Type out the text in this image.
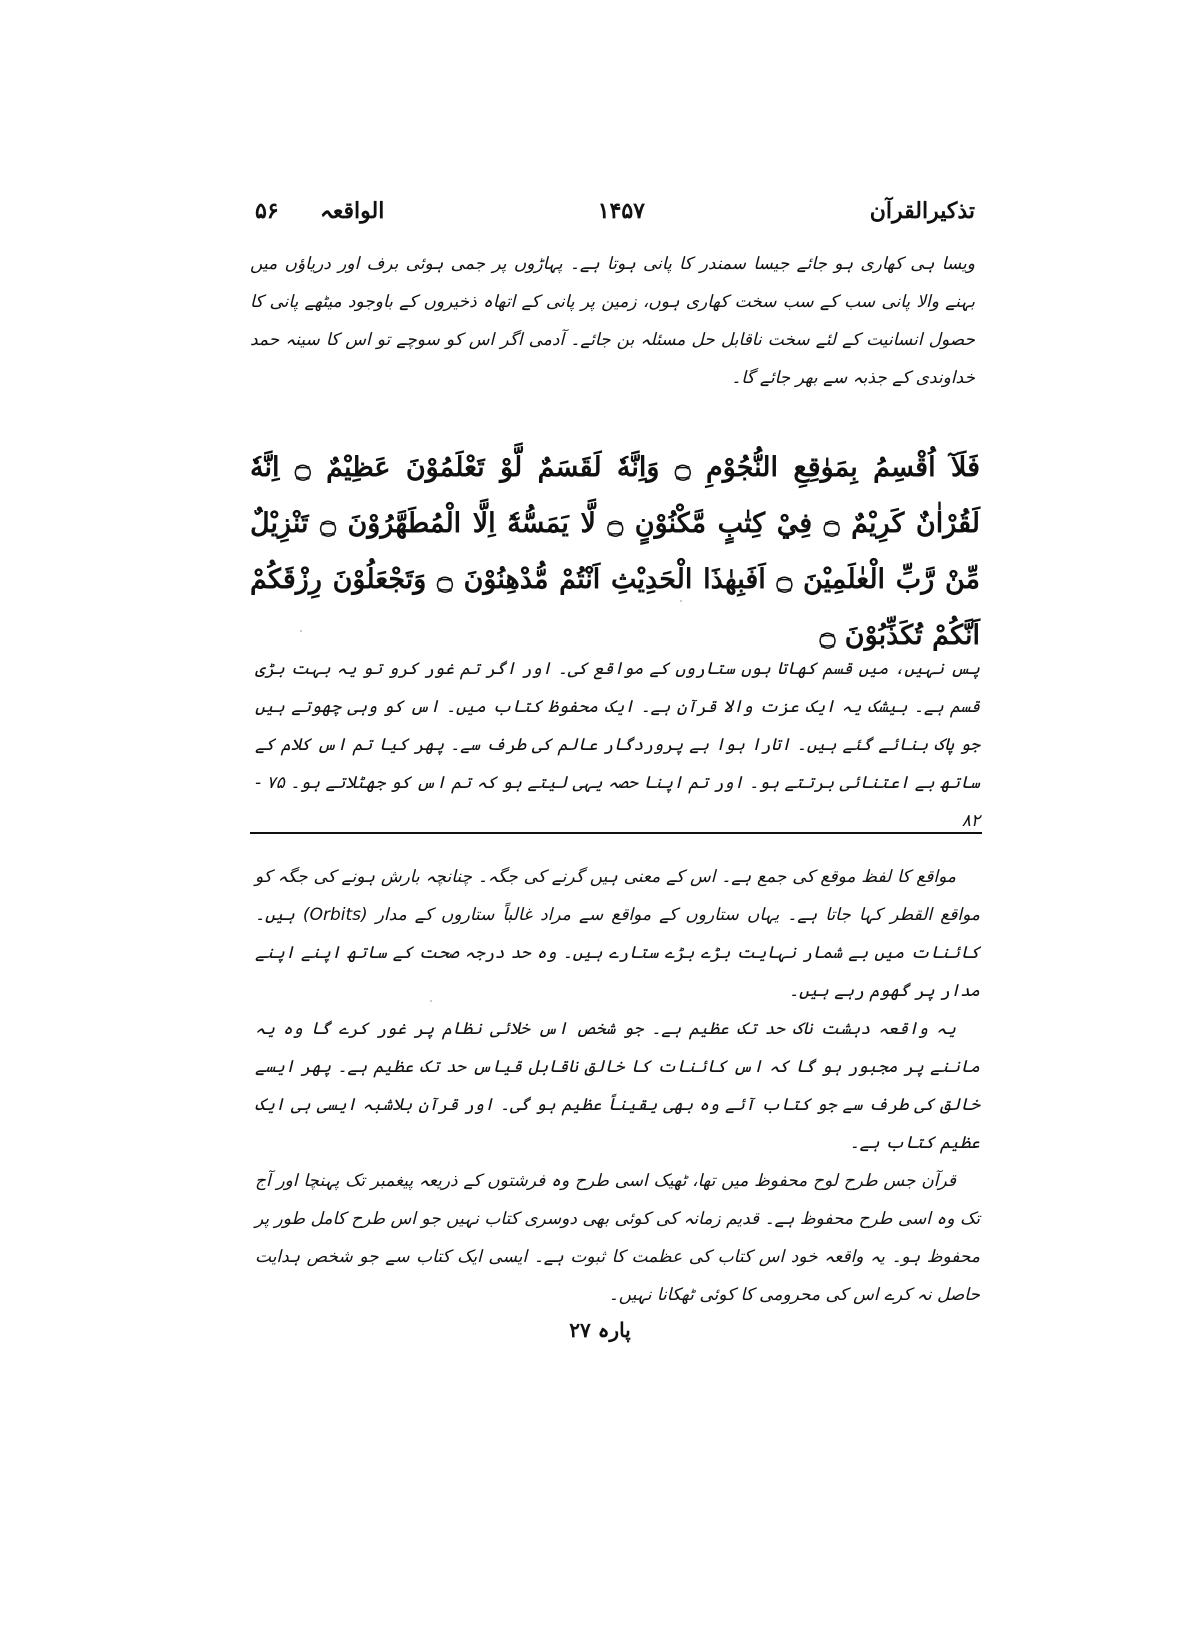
تذکیرالقرآن
۱۴۵۷
الواقعہ
۵۶

ویسا ہی کھاری ہو جائے جیسا سمندر کا پانی ہوتا ہے۔ پہاڑوں پر جمی ہوئی برف اور دریاؤں میں بہنے والا پانی سب کے سب سخت کھاری ہوں، زمین پر پانی کے اتھاہ ذخیروں کے باوجود میٹھے پانی کا حصول انسانیت کے لئے سخت ناقابل حل مسئلہ بن جائے۔ آدمی اگر اس کو سوچے تو اس کا سینہ حمد خداوندی کے جذبہ سے بھر جائے گا۔

فَلَآ اُقْسِمُ بِمَوٰقِعِ النُّجُوْمِ ۝ وَاِنَّهٗ لَقَسَمٌ لَّوْ تَعْلَمُوْنَ عَظِيْمٌ ۝ اِنَّهٗ لَقُرْاٰنٌ كَرِيْمٌ ۝ فِيْ كِتٰبٍ مَّكْنُوْنٍ ۝ لَّا يَمَسُّهٗٓ اِلَّا الْمُطَهَّرُوْنَ ۝ تَنْزِيْلٌ مِّنْ رَّبِّ الْعٰلَمِيْنَ ۝ اَفَبِهٰذَا الْحَدِيْثِ اَنْتُمْ مُّدْهِنُوْنَ ۝ وَتَجْعَلُوْنَ رِزْقَكُمْ اَنَّكُمْ تُكَذِّبُوْنَ ۝

پس نہیں، میں قسم کھاتا ہوں ستاروں کے مواقع کی۔ اور اگر تم غور کرو تو یہ بہت بڑی قسم ہے۔ بیشک یہ ایک عزت والا قرآن ہے۔ ایک محفوظ کتاب میں۔ اس کو وہی چھوتے ہیں جو پاک بنائے گئے ہیں۔ اتارا ہوا ہے پروردگار عالم کی طرف سے۔ پھر کیا تم اس کلام کے ساتھ بے اعتنائی برتتے ہو۔ اور تم اپنا حصہ یہی لیتے ہو کہ تم اس کو جھٹلاتے ہو۔ ۷۵ - ۸۲

مواقع کا لفظ موقع کی جمع ہے۔ اس کے معنی ہیں گرنے کی جگہ۔ چنانچہ بارش ہونے کی جگہ کو مواقع القطر کہا جاتا ہے۔ یہاں ستاروں کے مواقع سے مراد غالباً ستاروں کے مدار (Orbits) ہیں۔ کائنات میں بے شمار نہایت بڑے بڑے ستارے ہیں۔ وہ حد درجہ صحت کے ساتھ اپنے اپنے مدار پر گھوم رہے ہیں۔

یہ واقعہ دہشت ناک حد تک عظیم ہے۔ جو شخص اس خلائی نظام پر غور کرے گا وہ یہ ماننے پر مجبور ہو گا کہ اس کائنات کا خالق ناقابل قیاس حد تک عظیم ہے۔ پھر ایسے خالق کی طرف سے جو کتاب آئے وہ بھی یقیناً عظیم ہو گی۔ اور قرآن بلاشبہ ایسی ہی ایک عظیم کتاب ہے۔

قرآن جس طرح لوح محفوظ میں تھا، ٹھیک اسی طرح وہ فرشتوں کے ذریعہ پیغمبر تک پہنچا اور آج تک وہ اسی طرح محفوظ ہے۔ قدیم زمانہ کی کوئی بھی دوسری کتاب نہیں جو اس طرح کامل طور پر محفوظ ہو۔ یہ واقعہ خود اس کتاب کی عظمت کا ثبوت ہے۔ ایسی ایک کتاب سے جو شخص ہدایت حاصل نہ کرے اس کی محرومی کا کوئی ٹھکانا نہیں۔

پارہ ۲۷
